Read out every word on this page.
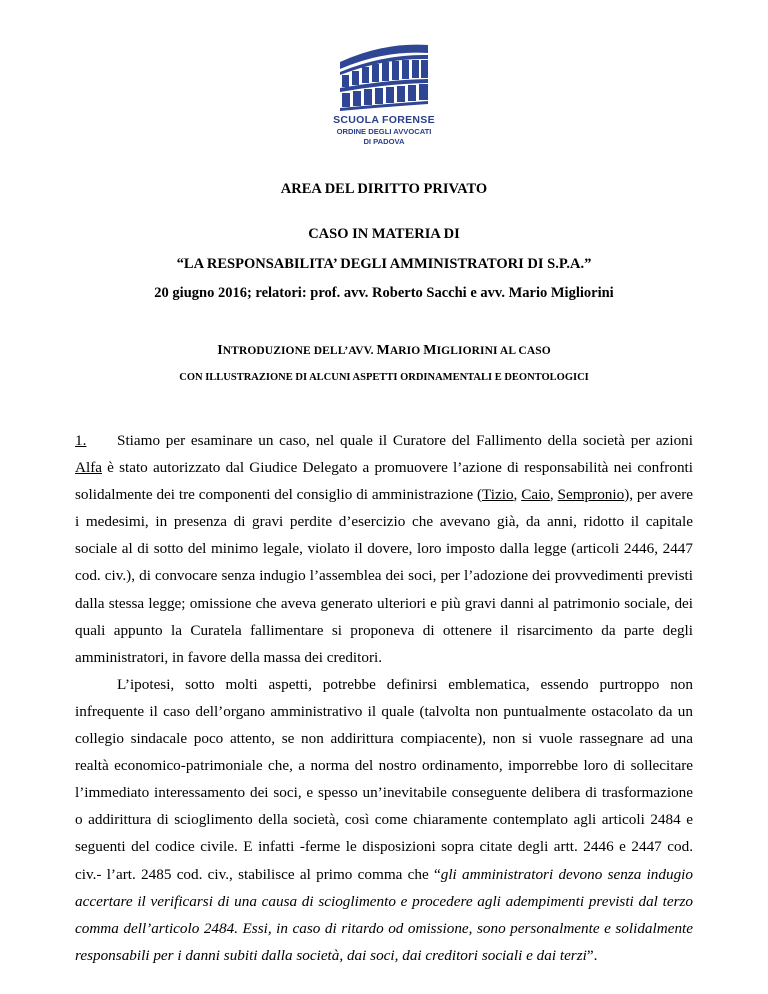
SCUOLA FORENSE
ORDINE DEGLI AVVOCATI
DI PADOVA
AREA DEL DIRITTO PRIVATO
CASO IN MATERIA DI
“LA RESPONSABILITA’ DEGLI AMMINISTRATORI DI S.P.A.”
20 giugno 2016; relatori: prof. avv. Roberto Sacchi e avv. Mario Migliorini
INTRODUZIONE DELL’AVV. MARIO MIGLIORINI AL CASO
CON ILLUSTRAZIONE DI ALCUNI ASPETTI ORDINAMENTALI E DEONTOLOGICI

1. Stiamo per esaminare un caso, nel quale il Curatore del Fallimento della società per azioni Alfa è stato autorizzato dal Giudice Delegato a promuovere l’azione di responsabilità nei confronti solidalmente dei tre componenti del consiglio di amministrazione (Tizio, Caio, Sempronio), per avere i medesimi, in presenza di gravi perdite d’esercizio che avevano già, da anni, ridotto il capitale sociale al di sotto del minimo legale, violato il dovere, loro imposto dalla legge (articoli 2446, 2447 cod. civ.), di convocare senza indugio l’assemblea dei soci, per l’adozione dei provvedimenti previsti dalla stessa legge; omissione che aveva generato ulteriori e più gravi danni al patrimonio sociale, dei quali appunto la Curatela fallimentare si proponeva di ottenere il risarcimento da parte degli amministratori, in favore della massa dei creditori.

L’ipotesi, sotto molti aspetti, potrebbe definirsi emblematica, essendo purtroppo non infrequente il caso dell’organo amministrativo il quale (talvolta non puntualmente ostacolato da un collegio sindacale poco attento, se non addirittura compiacente), non si vuole rassegnare ad una realtà economico-patrimoniale che, a norma del nostro ordinamento, imporrebbe loro di sollecitare l’immediato interessamento dei soci, e spesso un’inevitabile conseguente delibera di trasformazione o addirittura di scioglimento della società, così come chiaramente contemplato agli articoli 2484 e seguenti del codice civile. E infatti -ferme le disposizioni sopra citate degli artt. 2446 e 2447 cod. civ.- l’art. 2485 cod. civ., stabilisce al primo comma che “gli amministratori devono senza indugio accertare il verificarsi di una causa di scioglimento e procedere agli adempimenti previsti dal terzo comma dell’articolo 2484. Essi, in caso di ritardo od omissione, sono personalmente e solidalmente responsabili per i danni subiti dalla società, dai soci, dai creditori sociali e dai terzi”.
